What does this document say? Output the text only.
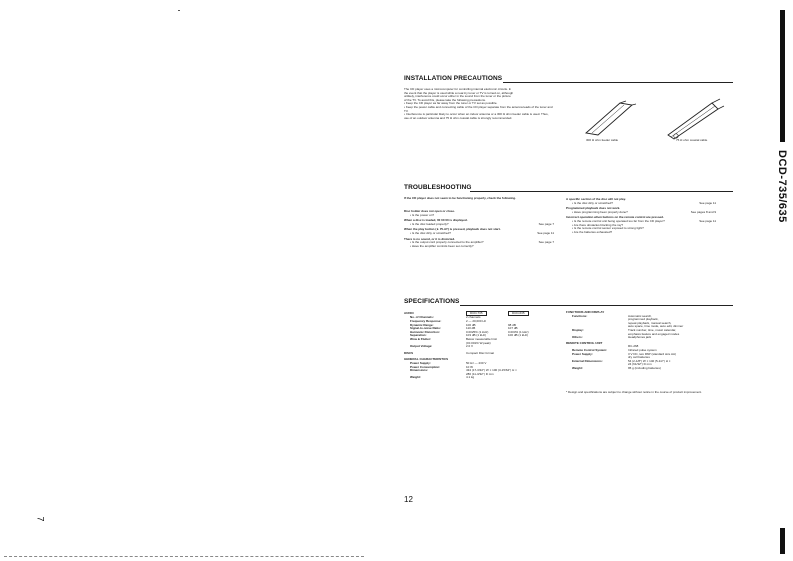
INSTALLATION PRECAUTIONS
The CD player uses a microcomputer for controlling internal electronic circuits. In
the event that the player is used while a near-by tuner or TV is turned on, although
unlikely, interference could occur either in the sound from the tuner or the picture
of the TV. To avoid this, please take the following precautions.
• Keep the CD player as far away from the tuner or TV set as possible.
• Keep the power cable and connecting cable of the CD player separate from the antenna leads of the tuner and TV.
• Interference is particular likely to occur when an indoor antenna or a 300 Ω ohm feeder cable is used. Thus, use of an outdoor antenna and 75 Ω ohm coaxial cable is strongly recommended.
300 Ω ohm feeder cable	75 Ω ohm coaxial cable
TROUBLESHOOTING
If the CD player does not seem to be functioning properly, check the following.
Disc holder does not open or close.
• Is the power on?
When a disc is loaded, 00 00 00 is displayed.
• Is the disc loaded properly?	See page 7
When the play button (► PLAY) is pressed, playback does not start.
• Is the disc dirty or scratched?	See page 11
There is no sound, or it is distorted.
• Is the output cord properly connected to the amplifier?	See page 7
• Have the amplifier controls been set correctly?
A specific section of the disc will not play.
• Is the disc dirty or scratched?	See page 11
Programmed playback does not work.
• Have programming been properly done?	See pages 8 and 9
Incorrect operation when buttons on the remote control are pressed.
• Is the remote control unit being operated too far from the CD player?	See page 11
• Are there obstacles blocking the ray?
• Is the remote control sensor exposed to strong light?
• Are the batteries exhausted?
SPECIFICATIONS
AUDIO	DCD-735	DCD-635
No. of Channels:	2 channels
Frequency Response:	2 — 20,000 Hz
Dynamic Range:	100 dB	98 dB
Signal-to-noise Ratio:	110 dB	107 dB
Harmonic Distortion:	0.0025% (1 kHz)	0.003% (1 kHz)
Separation:	103 dB (1 kHz)	100 dB (1 kHz)
Wow & Flutter:	Below measurable limit
(±0.001% W.peak)
Output Voltage:	2.0 V
DISCS	Compact Disc format
GENERAL CHARACTERISTICS
Power Supply:	50 Hz — 230 V
Power Consumption:	10 W
Dimensions:	434 (17-3/32") W × 100 (3-15/64") H ×
280 (11-3/32") D mm
Weight:	4.1 kg
FUNCTIONS AND DISPLAY
Functions:	Automatic search,
programmed playback,
repeat playback, manual search,
auto space, time mode, auto edit, dimmer
Display:	Track number, time, music calendar,
emphasis feature and engaged modes
Others:	Headphones jack
REMOTE CONTROL UNIT
RC-268
Remote Control System:	Infrared pulse system
Power Supply:	3 V DC, two R6P (standard size AA)
dry cell batteries
External Dimensions:	54 (2-1/8") W × 140 (5-1/2") H ×
24 (61/32") D mm
Weight:	95 g (including batteries)
* Design and specifications are subject to change without notice in the course of product improvement.
12
7
DCD-735/635
